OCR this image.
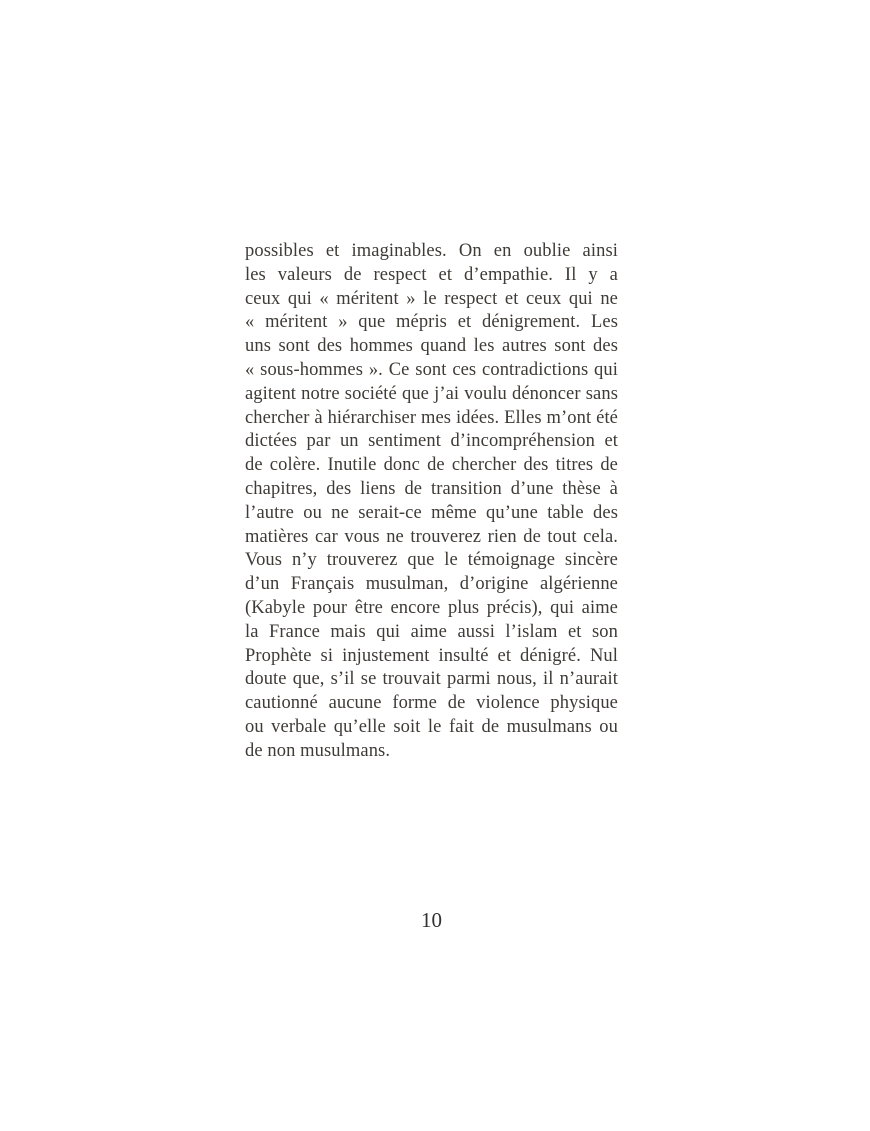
possibles et imaginables. On en oublie ainsi
les valeurs de respect et d’empathie. Il y a
ceux qui « méritent » le respect et ceux qui ne
« méritent » que mépris et dénigrement. Les
uns sont des hommes quand les autres sont des
« sous-hommes ». Ce sont ces contradictions qui
agitent notre société que j’ai voulu dénoncer sans
chercher à hiérarchiser mes idées. Elles m’ont été
dictées par un sentiment d’incompréhension et
de colère. Inutile donc de chercher des titres de
chapitres, des liens de transition d’une thèse à
l’autre ou ne serait-ce même qu’une table des
matières car vous ne trouverez rien de tout cela.
Vous n’y trouverez que le témoignage sincère
d’un Français musulman, d’origine algérienne
(Kabyle pour être encore plus précis), qui aime
la France mais qui aime aussi l’islam et son
Prophète si injustement insulté et dénigré. Nul
doute que, s’il se trouvait parmi nous, il n’aurait
cautionné aucune forme de violence physique
ou verbale qu’elle soit le fait de musulmans ou
de non musulmans.
10
